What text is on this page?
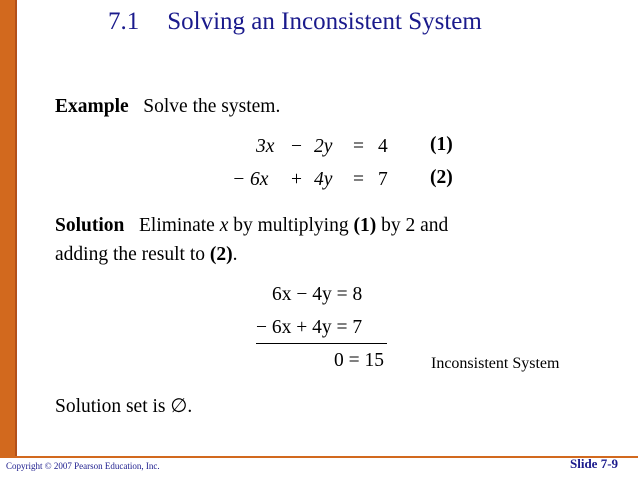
7.1 Solving an Inconsistent System
Example Solve the system.
3x − 2y = 4 (1)
− 6x + 4y = 7 (2)
Solution Eliminate x by multiplying (1) by 2 and
adding the result to (2).
6x − 4y = 8
− 6x + 4y = 7
0 = 15	Inconsistent System
Solution set is ∅.
Copyright © 2007 Pearson Education, Inc.	Slide 7-9
